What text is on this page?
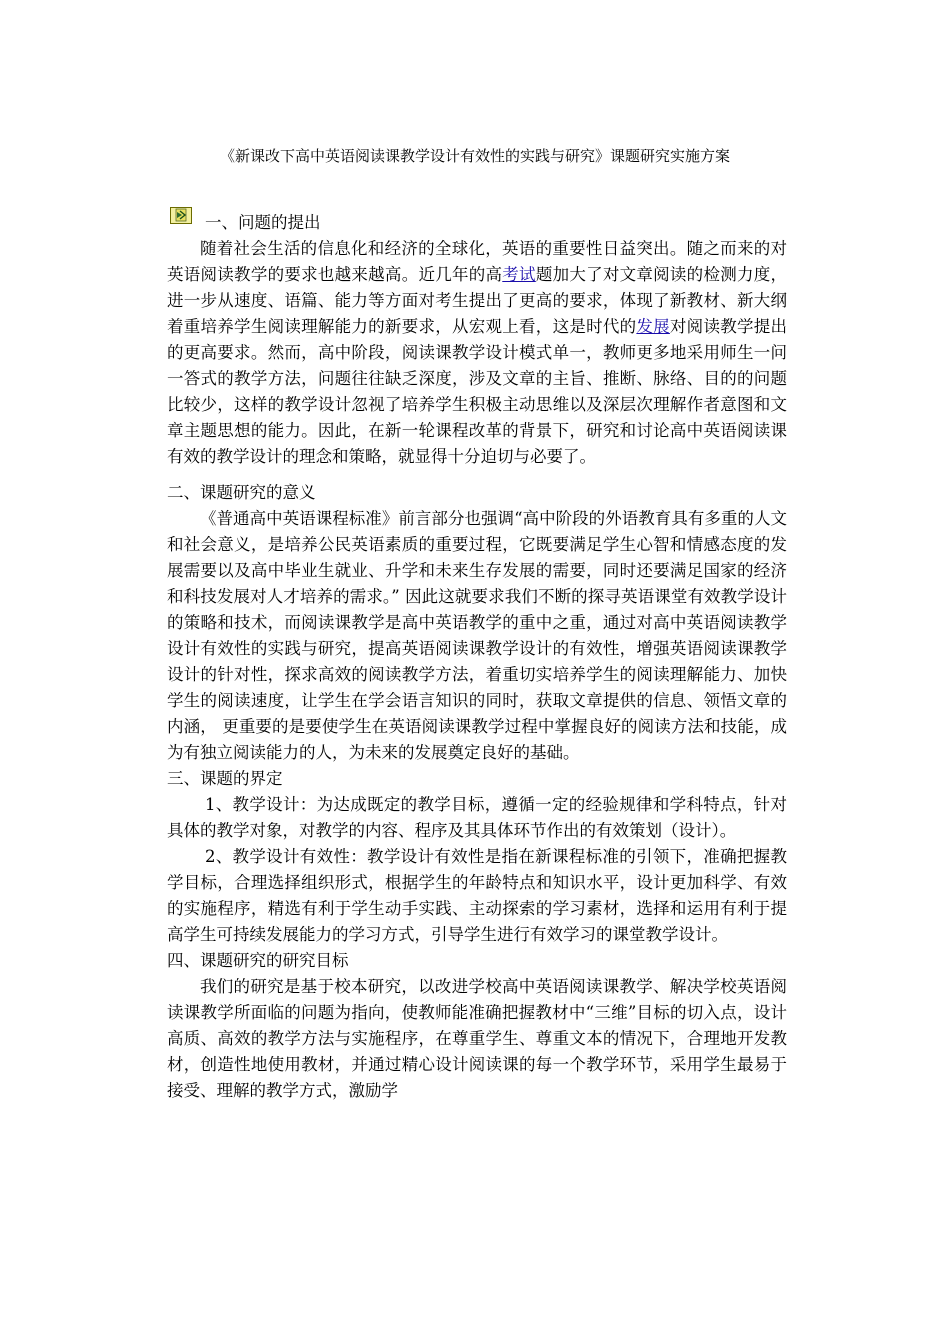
《新课改下高中英语阅读课教学设计有效性的实践与研究》课题研究实施方案
一、问题的提出

随着社会生活的信息化和经济的全球化，英语的重要性日益突出。随之而来的对英语阅读教学的要求也越来越高。近几年的高考试题加大了对文章阅读的检测力度，进一步从速度、语篇、能力等方面对考生提出了更高的要求，体现了新教材、新大纲着重培养学生阅读理解能力的新要求，从宏观上看，这是时代的发展对阅读教学提出的更高要求。然而，高中阶段，阅读课教学设计模式单一，教师更多地采用师生一问一答式的教学方法，问题往往缺乏深度，涉及文章的主旨、推断、脉络、目的的问题比较少，这样的教学设计忽视了培养学生积极主动思维以及深层次理解作者意图和文章主题思想的能力。因此，在新一轮课程改革的背景下，研究和讨论高中英语阅读课有效的教学设计的理念和策略，就显得十分迫切与必要了。

二、课题研究的意义

《普通高中英语课程标准》前言部分也强调“高中阶段的外语教育具有多重的人文和社会意义，是培养公民英语素质的重要过程，它既要满足学生心智和情感态度的发展需要以及高中毕业生就业、升学和未来生存发展的需要，同时还要满足国家的经济和科技发展对人才培养的需求。” 因此这就要求我们不断的探寻英语课堂有效教学设计的策略和技术，而阅读课教学是高中英语教学的重中之重，通过对高中英语阅读教学设计有效性的实践与研究，提高英语阅读课教学设计的有效性，增强英语阅读课教学设计的针对性，探求高效的阅读教学方法，着重切实培养学生的阅读理解能力、加快学生的阅读速度，让学生在学会语言知识的同时，获取文章提供的信息、领悟文章的内涵， 更重要的是要使学生在英语阅读课教学过程中掌握良好的阅读方法和技能，成为有独立阅读能力的人，为未来的发展奠定良好的基础。

三、课题的界定

1、教学设计：为达成既定的教学目标，遵循一定的经验规律和学科特点，针对具体的教学对象，对教学的内容、程序及其具体环节作出的有效策划（设计）。

2、教学设计有效性：教学设计有效性是指在新课程标准的引领下，准确把握教学目标，合理选择组织形式，根据学生的年龄特点和知识水平，设计更加科学、有效的实施程序，精选有利于学生动手实践、主动探索的学习素材，选择和运用有利于提高学生可持续发展能力的学习方式，引导学生进行有效学习的课堂教学设计。

四、课题研究的研究目标

我们的研究是基于校本研究，以改进学校高中英语阅读课教学、解决学校英语阅读课教学所面临的问题为指向，使教师能准确把握教材中“三维”目标的切入点，设计高质、高效的教学方法与实施程序，在尊重学生、尊重文本的情况下，合理地开发教材，创造性地使用教材，并通过精心设计阅读课的每一个教学环节，采用学生最易于接受、理解的教学方式，激励学
